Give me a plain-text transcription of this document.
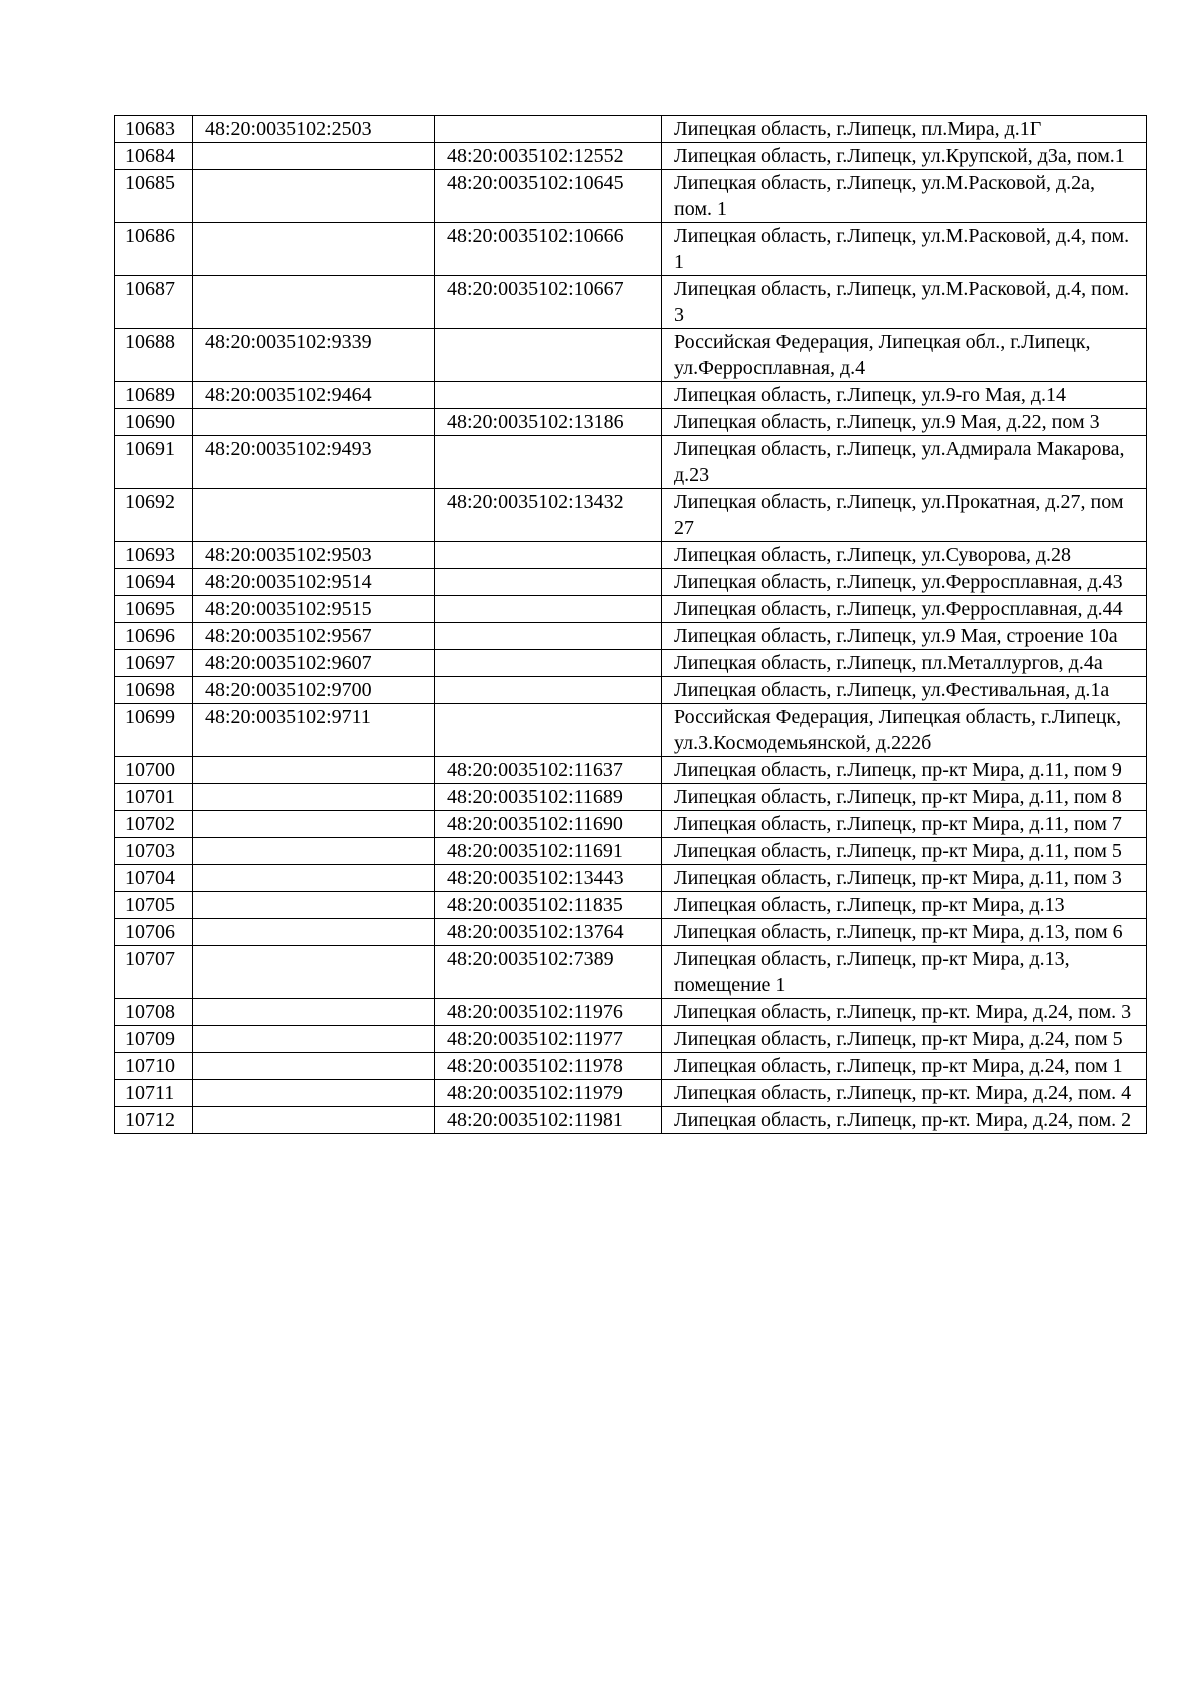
10683	48:20:0035102:2503		Липецкая область, г.Липецк, пл.Мира, д.1Г
10684		48:20:0035102:12552	Липецкая область, г.Липецк, ул.Крупской, д3а, пом.1
10685		48:20:0035102:10645	Липецкая область, г.Липецк, ул.М.Расковой, д.2а, пом. 1
10686		48:20:0035102:10666	Липецкая область, г.Липецк, ул.М.Расковой, д.4, пом. 1
10687		48:20:0035102:10667	Липецкая область, г.Липецк, ул.М.Расковой, д.4, пом. 3
10688	48:20:0035102:9339		Российская Федерация, Липецкая обл., г.Липецк, ул.Ферросплавная, д.4
10689	48:20:0035102:9464		Липецкая область, г.Липецк, ул.9-го Мая, д.14
10690		48:20:0035102:13186	Липецкая область, г.Липецк, ул.9 Мая, д.22, пом 3
10691	48:20:0035102:9493		Липецкая область, г.Липецк, ул.Адмирала Макарова, д.23
10692		48:20:0035102:13432	Липецкая область, г.Липецк, ул.Прокатная, д.27, пом 27
10693	48:20:0035102:9503		Липецкая область, г.Липецк, ул.Суворова, д.28
10694	48:20:0035102:9514		Липецкая область, г.Липецк, ул.Ферросплавная, д.43
10695	48:20:0035102:9515		Липецкая область, г.Липецк, ул.Ферросплавная, д.44
10696	48:20:0035102:9567		Липецкая область, г.Липецк, ул.9 Мая, строение 10а
10697	48:20:0035102:9607		Липецкая область, г.Липецк, пл.Металлургов, д.4а
10698	48:20:0035102:9700		Липецкая область, г.Липецк, ул.Фестивальная, д.1а
10699	48:20:0035102:9711		Российская Федерация, Липецкая область, г.Липецк, ул.З.Космодемьянской, д.222б
10700		48:20:0035102:11637	Липецкая область, г.Липецк, пр-кт Мира, д.11, пом 9
10701		48:20:0035102:11689	Липецкая область, г.Липецк, пр-кт Мира, д.11, пом 8
10702		48:20:0035102:11690	Липецкая область, г.Липецк, пр-кт Мира, д.11, пом 7
10703		48:20:0035102:11691	Липецкая область, г.Липецк, пр-кт Мира, д.11, пом 5
10704		48:20:0035102:13443	Липецкая область, г.Липецк, пр-кт Мира, д.11, пом 3
10705		48:20:0035102:11835	Липецкая область, г.Липецк, пр-кт Мира, д.13
10706		48:20:0035102:13764	Липецкая область, г.Липецк, пр-кт Мира, д.13, пом 6
10707		48:20:0035102:7389	Липецкая область, г.Липецк, пр-кт Мира, д.13, помещение 1
10708		48:20:0035102:11976	Липецкая область, г.Липецк, пр-кт. Мира, д.24, пом. 3
10709		48:20:0035102:11977	Липецкая область, г.Липецк, пр-кт Мира, д.24, пом 5
10710		48:20:0035102:11978	Липецкая область, г.Липецк, пр-кт Мира, д.24, пом 1
10711		48:20:0035102:11979	Липецкая область, г.Липецк, пр-кт. Мира, д.24, пом. 4
10712		48:20:0035102:11981	Липецкая область, г.Липецк, пр-кт. Мира, д.24, пом. 2
